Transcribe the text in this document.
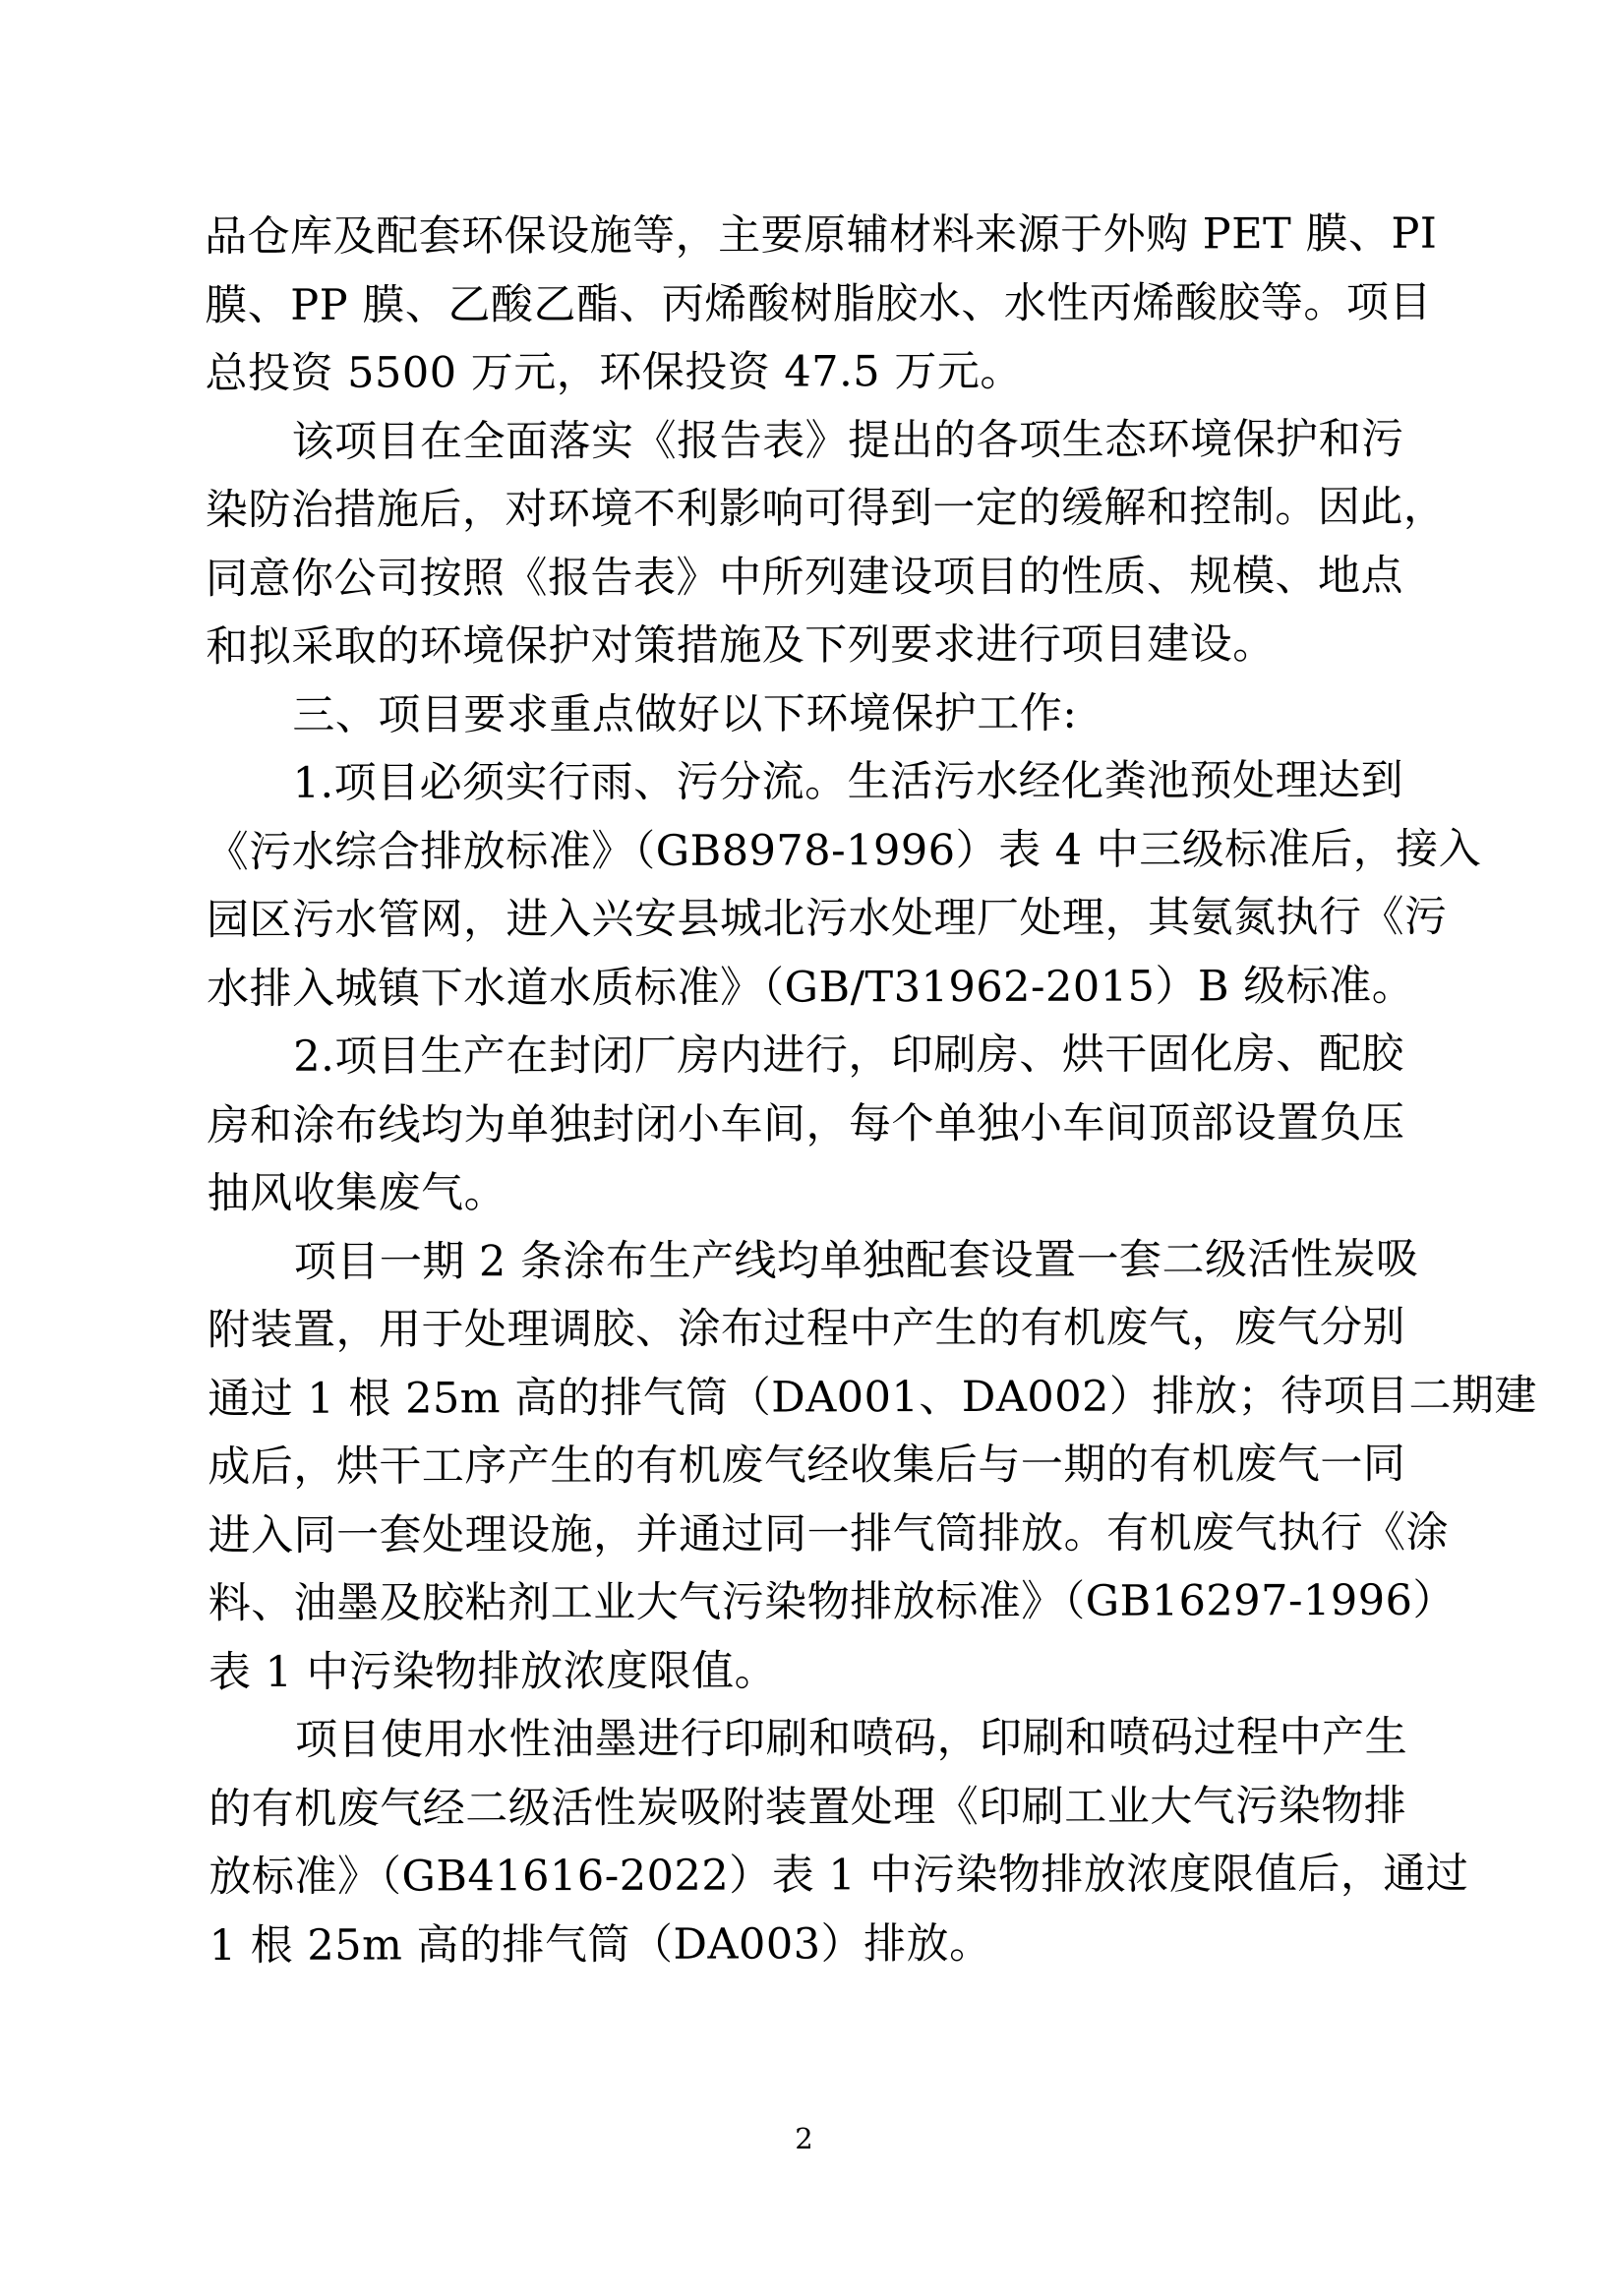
品仓库及配套环保设施等，主要原辅材料来源于外购 PET 膜、PI
膜、PP 膜、乙酸乙酯、丙烯酸树脂胶水、水性丙烯酸胶等。项目
总投资 5500 万元，环保投资 47.5 万元。
该项目在全面落实《报告表》提出的各项生态环境保护和污
染防治措施后，对环境不利影响可得到一定的缓解和控制。因此，
同意你公司按照《报告表》中所列建设项目的性质、规模、地点
和拟采取的环境保护对策措施及下列要求进行项目建设。
三、项目要求重点做好以下环境保护工作:
1.项目必须实行雨、污分流。生活污水经化粪池预处理达到
《污水综合排放标准》（GB8978-1996）表 4 中三级标准后，接入
园区污水管网，进入兴安县城北污水处理厂处理，其氨氮执行《污
水排入城镇下水道水质标准》（GB/T31962-2015）B 级标准。
2.项目生产在封闭厂房内进行，印刷房、烘干固化房、配胶
房和涂布线均为单独封闭小车间，每个单独小车间顶部设置负压
抽风收集废气。
项目一期 2 条涂布生产线均单独配套设置一套二级活性炭吸
附装置，用于处理调胶、涂布过程中产生的有机废气，废气分别
通过 1 根 25m 高的排气筒（DA001、DA002）排放；待项目二期建
成后，烘干工序产生的有机废气经收集后与一期的有机废气一同
进入同一套处理设施，并通过同一排气筒排放。有机废气执行《涂
料、油墨及胶粘剂工业大气污染物排放标准》（GB16297-1996）
表 1 中污染物排放浓度限值。
项目使用水性油墨进行印刷和喷码，印刷和喷码过程中产生
的有机废气经二级活性炭吸附装置处理《印刷工业大气污染物排
放标准》（GB41616-2022）表 1 中污染物排放浓度限值后，通过
1 根 25m 高的排气筒（DA003）排放。
2
